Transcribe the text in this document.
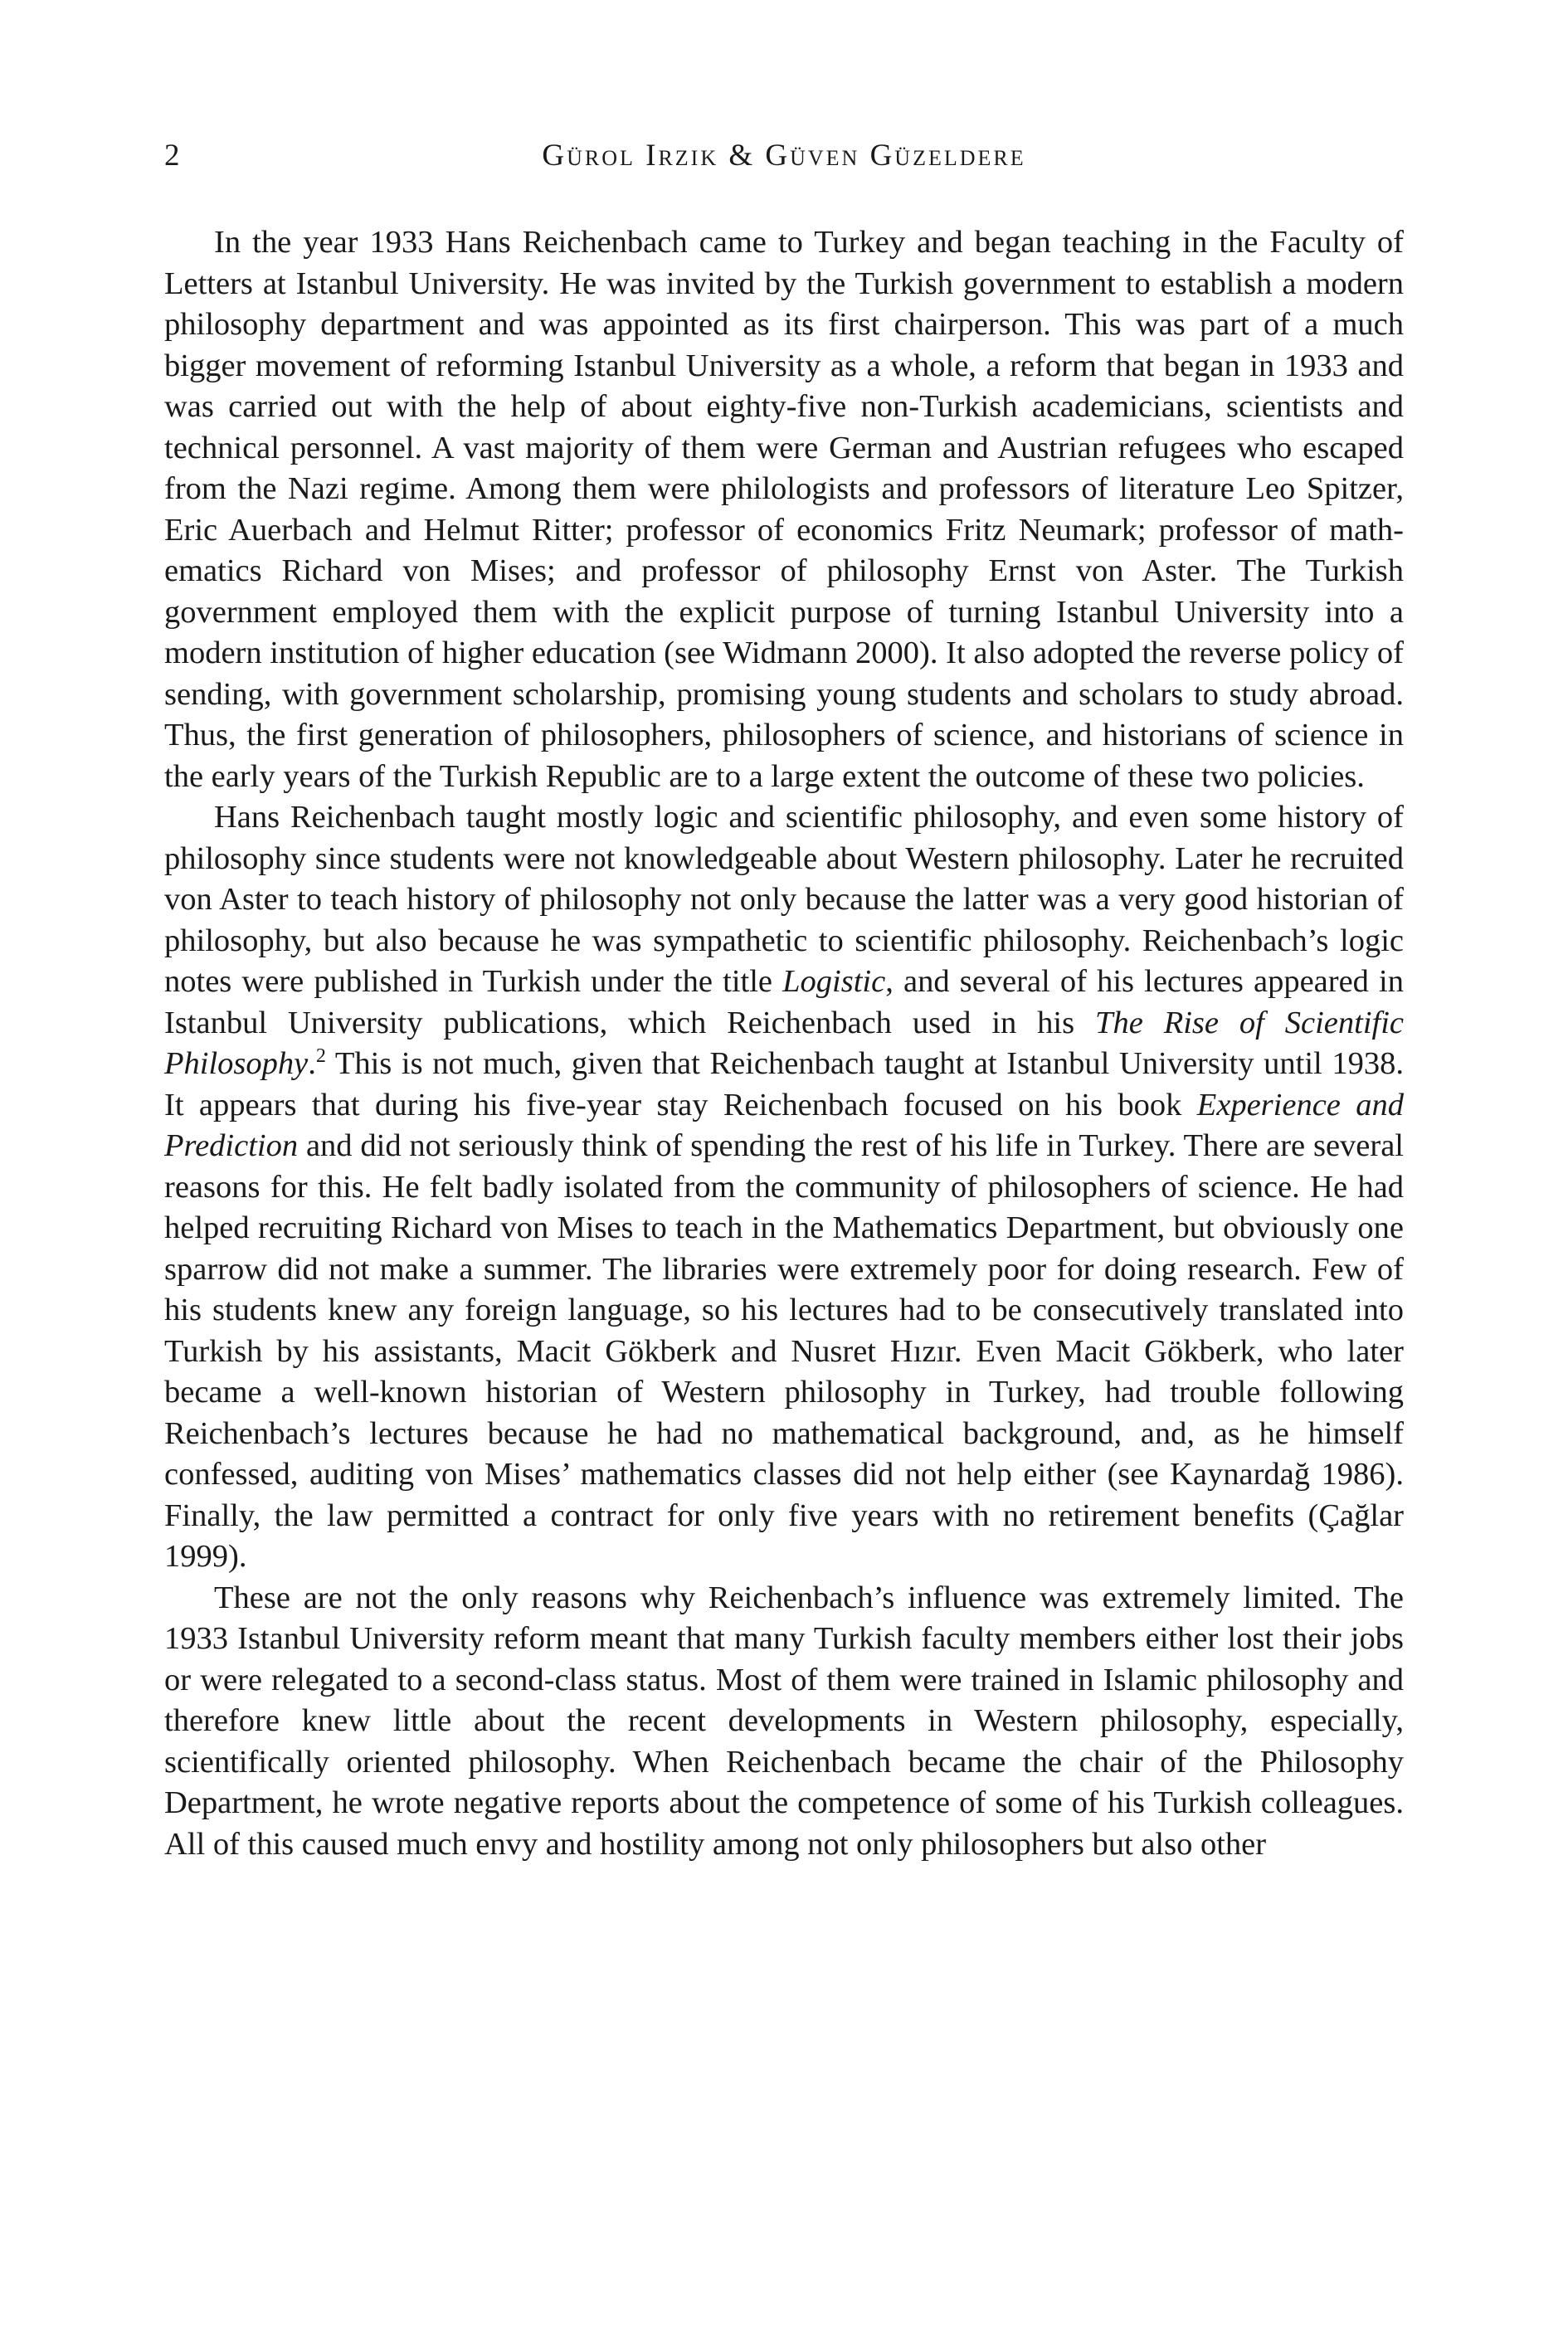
2	Gürol Irzik & Güven Güzeldere

In the year 1933 Hans Reichenbach came to Turkey and began teaching in the Faculty of Letters at Istanbul University. He was invited by the Turkish government to establish a modern philosophy department and was appointed as its first chairperson. This was part of a much bigger movement of reforming Istanbul University as a whole, a reform that began in 1933 and was carried out with the help of about eighty-five non-Turkish academicians, scientists and technical personnel. A vast majority of them were German and Austrian refugees who escaped from the Nazi regime. Among them were philologists and professors of literature Leo Spitzer, Eric Auerbach and Helmut Ritter; professor of economics Fritz Neumark; professor of mathematics Richard von Mises; and professor of philosophy Ernst von Aster. The Turkish government employed them with the explicit purpose of turning Istanbul University into a modern institution of higher education (see Widmann 2000). It also adopted the reverse policy of sending, with government scholarship, promising young students and scholars to study abroad. Thus, the first generation of philosophers, philosophers of science, and historians of science in the early years of the Turkish Republic are to a large extent the outcome of these two policies.

Hans Reichenbach taught mostly logic and scientific philosophy, and even some history of philosophy since students were not knowledgeable about Western philosophy. Later he recruited von Aster to teach history of philosophy not only because the latter was a very good historian of philosophy, but also because he was sympathetic to scientific philosophy. Reichenbach’s logic notes were published in Turkish under the title Logistic, and several of his lectures appeared in Istanbul University publications, which Reichenbach used in his The Rise of Scientific Philosophy.$^2$ This is not much, given that Reichenbach taught at Istanbul University until 1938. It appears that during his five-year stay Reichenbach focused on his book Experience and Prediction and did not seriously think of spending the rest of his life in Turkey. There are several reasons for this. He felt badly isolated from the community of philosophers of science. He had helped recruiting Richard von Mises to teach in the Mathematics Department, but obviously one sparrow did not make a summer. The libraries were extremely poor for doing research. Few of his students knew any foreign language, so his lectures had to be consecutively translated into Turkish by his assistants, Macit Gökberk and Nusret Hızır. Even Macit Gökberk, who later became a well-known historian of Western philosophy in Turkey, had trouble following Reichenbach’s lectures because he had no mathematical background, and, as he himself confessed, auditing von Mises’ mathematics classes did not help either (see Kaynardağ 1986). Finally, the law permitted a contract for only five years with no retirement benefits (Çağlar 1999).

These are not the only reasons why Reichenbach’s influence was extremely limited. The 1933 Istanbul University reform meant that many Turkish faculty members either lost their jobs or were relegated to a second-class status. Most of them were trained in Islamic philosophy and therefore knew little about the recent developments in Western philosophy, especially, scientifically oriented philosophy. When Reichenbach became the chair of the Philosophy Department, he wrote negative reports about the competence of some of his Turkish colleagues. All of this caused much envy and hostility among not only philosophers but also other
